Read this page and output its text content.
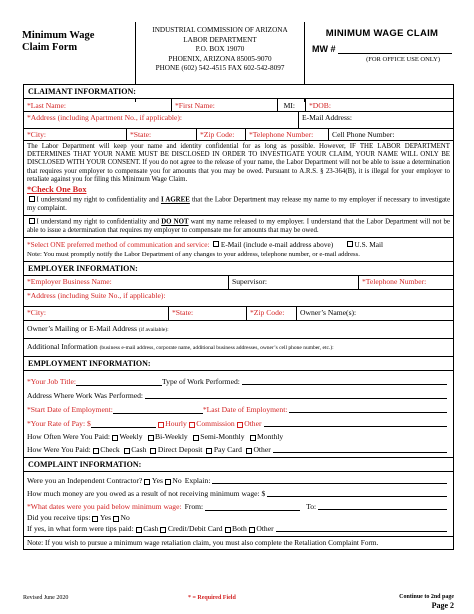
Minimum Wage
Claim Form
INDUSTRIAL COMMISSION OF ARIZONA
LABOR DEPARTMENT
P.O. BOX 19070
PHOENIX, ARIZONA 85005-9070
PHONE (602) 542-4515 FAX 602-542-8097
MINIMUM WAGE CLAIM
MW #
(FOR OFFICE USE ONLY)
CLAIMANT INFORMATION:
*Last Name:	*First Name:	MI:	*DOB:
*Address (including Apartment No., if applicable):	E-Mail Address:
*City:	*State:	*Zip Code:	*Telephone Number:	Cell Phone Number:
The Labor Department will keep your name and identity confidential for as long as possible. However, IF THE LABOR DEPARTMENT DETERMINES THAT YOUR NAME MUST BE DISCLOSED IN ORDER TO INVESTIGATE YOUR CLAIM, YOUR NAME WILL ONLY BE DISCLOSED WITH YOUR CONSENT. If you do not agree to the release of your name, the Labor Department will not be able to issue a determination that requires your employer to compensate you for amounts that you may be owed. Pursuant to A.R.S. § 23-364(B), it is illegal for your employer to retaliate against you for filing this Minimum Wage Claim.
*Check One Box
I understand my right to confidentiality and I AGREE that the Labor Department may release my name to my employer if necessary to investigate my complaint.
I understand my right to confidentiality and DO NOT want my name released to my employer. I understand that the Labor Department will not be able to issue a determination that requires my employer to compensate me for amounts that may be owed.
*Select ONE preferred method of communication and service: E-Mail (include e-mail address above)	U.S. Mail
Note: You must promptly notify the Labor Department of any changes to your address, telephone number, or e-mail address.
EMPLOYER INFORMATION:
*Employer Business Name:	Supervisor:	*Telephone Number:
*Address (including Suite No., if applicable):
*City:	*State:	*Zip Code:	Owner’s Name(s):
Owner’s Mailing or E-Mail Address (if available):
Additional Information (business e-mail address, corporate name, additional business addresses, owner’s cell phone number, etc.):
EMPLOYMENT INFORMATION:
*Your Job Title:	Type of Work Performed:
Address Where Work Was Performed:
*Start Date of Employment:	*Last Date of Employment:
*Your Rate of Pay: $	Hourly Commission Other
How Often Were You Paid: Weekly Bi-Weekly Semi-Monthly Monthly
How Were You Paid: Check Cash Direct Deposit Pay Card Other
COMPLAINT INFORMATION:
Were you an Independent Contractor? Yes No Explain:
How much money are you owed as a result of not receiving minimum wage: $
*What dates were you paid below minimum wage: From:	To:
Did you receive tips: Yes No
If yes, in what form were tips paid: Cash Credit/Debit Card Both Other
Note: If you wish to pursue a minimum wage retaliation claim, you must also complete the Retaliation Complaint Form.
Revised June 2020	* = Required Field	Continue to 2nd page
Page 2
